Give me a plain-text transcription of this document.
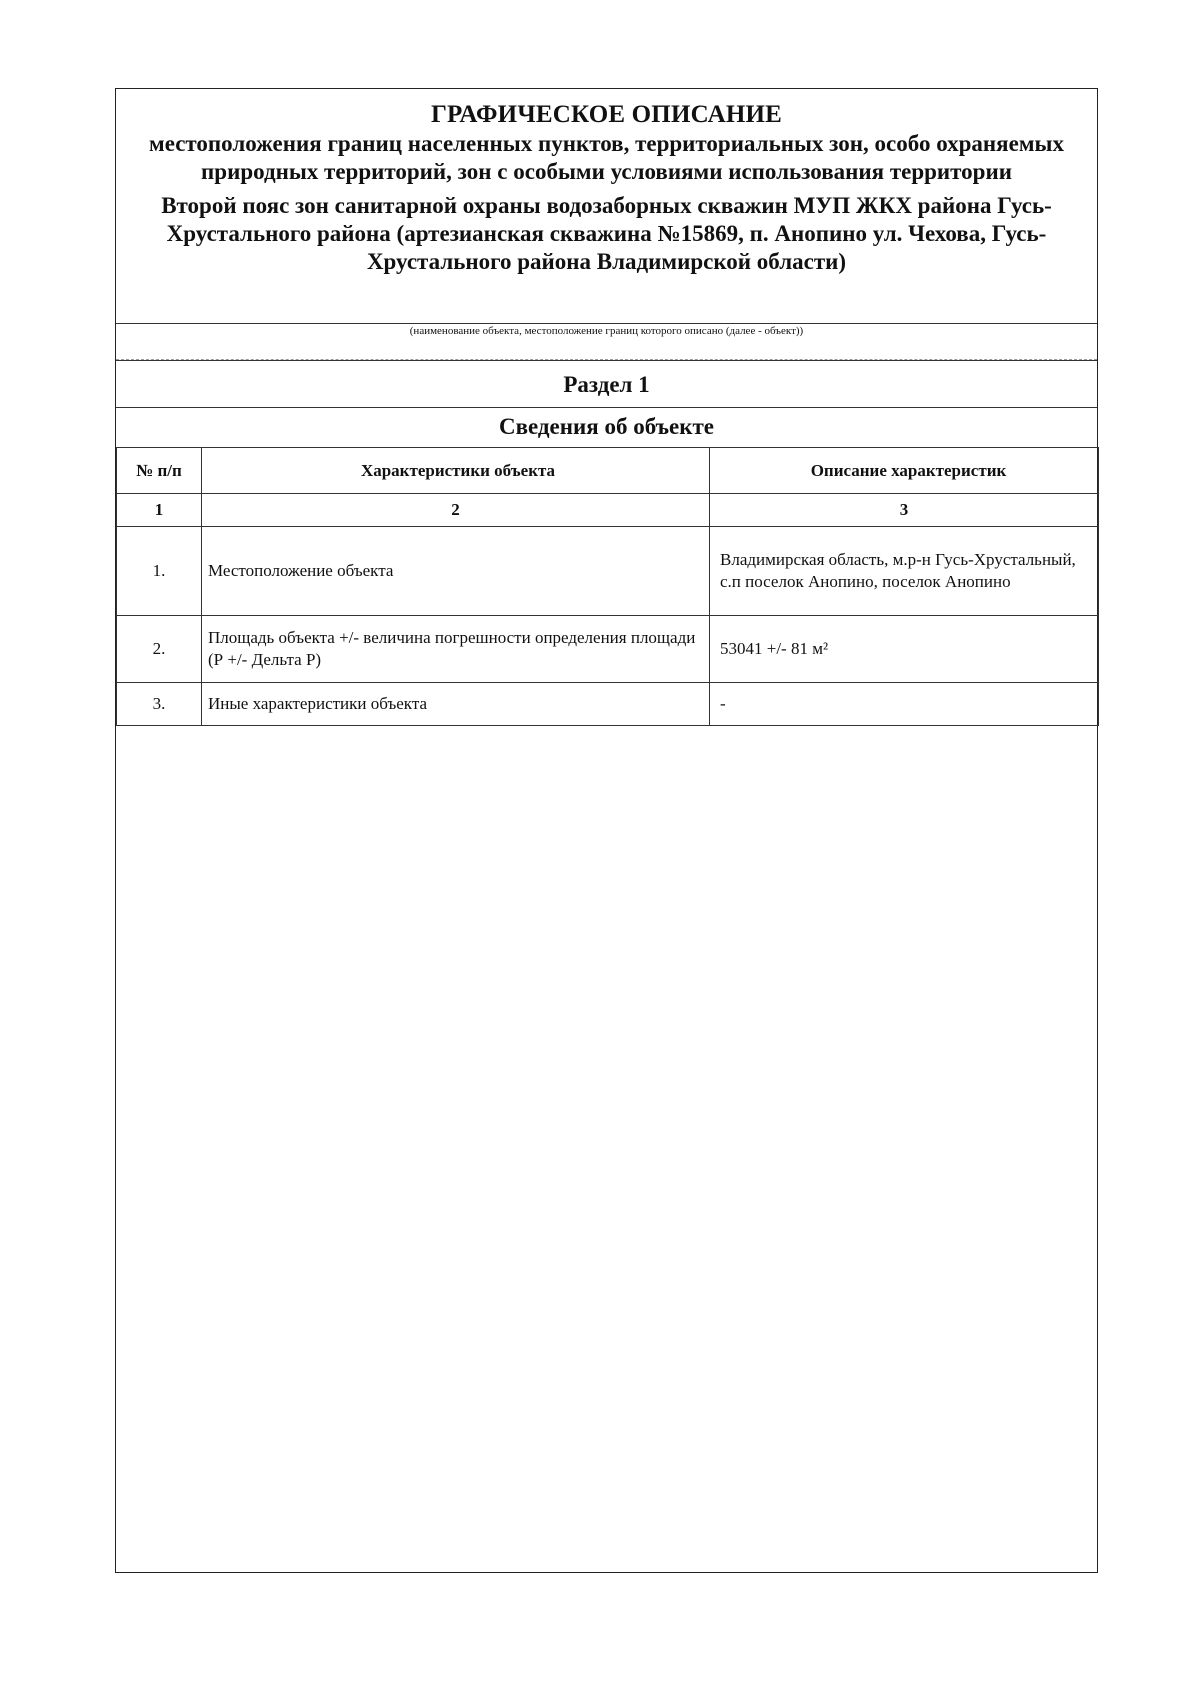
ГРАФИЧЕСКОЕ ОПИСАНИЕ
местоположения границ населенных пунктов, территориальных зон, особо охраняемых природных территорий, зон с особыми условиями использования территории
Второй пояс зон санитарной охраны водозаборных скважин МУП ЖКХ района Гусь-Хрустального района (артезианская скважина №15869, п. Анопино ул. Чехова, Гусь-Хрустального района Владимирской области)
(наименование объекта, местоположение границ которого описано (далее - объект))
Раздел 1
Сведения об объекте
№ п/п	Характеристики объекта	Описание характеристик
1	2	3
1.	Местоположение объекта	Владимирская область, м.р-н Гусь-Хрустальный, с.п поселок Анопино, поселок Анопино
2.	Площадь объекта +/- величина погрешности определения площади (Р +/- Дельта Р)	53041 +/- 81 м²
3.	Иные характеристики объекта	-
